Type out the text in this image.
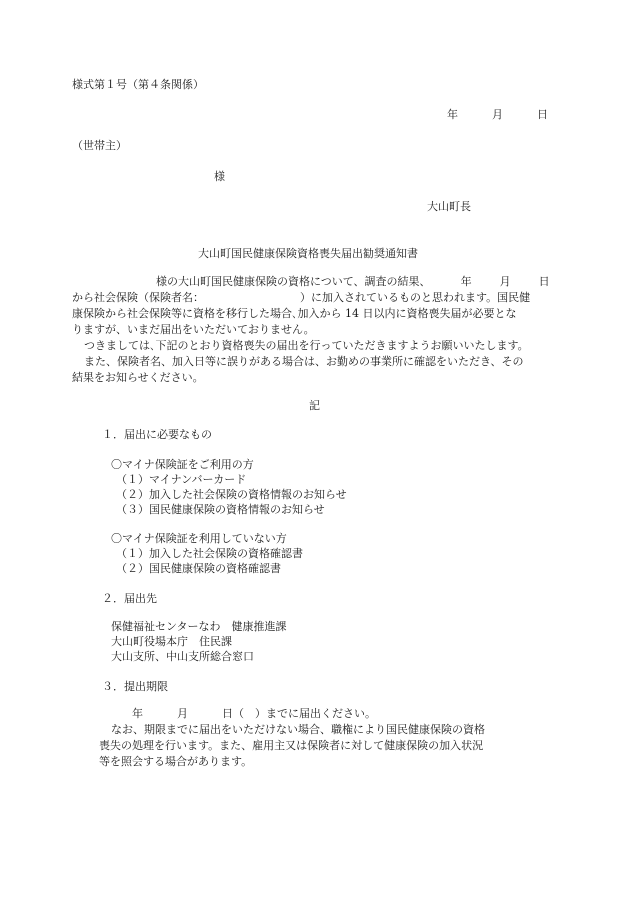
様式第１号（第４条関係）
年	月	日
（世帯主）
様
大山町長
大山町国民健康保険資格喪失届出勧奨通知書
様の大山町国民健康保険の資格について、調査の結果、	年	月	日
から社会保険（保険者名：	）に加入されているものと思われます。国民健
康保険から社会保険等に資格を移行した場合､加入から 14 日以内に資格喪失届が必要とな
りますが、いまだ届出をいただいておりません。
つきましては､下記のとおり資格喪失の届出を行っていただきますようお願いいたします。
また、保険者名、加入日等に誤りがある場合は、お勤めの事業所に確認をいただき、その
結果をお知らせください。
記
１．届出に必要なもの
〇マイナ保険証をご利用の方
（１）マイナンバーカード
（２）加入した社会保険の資格情報のお知らせ
（３）国民健康保険の資格情報のお知らせ
〇マイナ保険証を利用していない方
（１）加入した社会保険の資格確認書
（２）国民健康保険の資格確認書
２．届出先
保健福祉センターなわ　健康推進課
大山町役場本庁　住民課
大山支所、中山支所総合窓口
３．提出期限
年	月	日（　）までに届出ください。
なお、期限までに届出をいただけない場合、職権により国民健康保険の資格
喪失の処理を行います。また、雇用主又は保険者に対して健康保険の加入状況
等を照会する場合があります。
